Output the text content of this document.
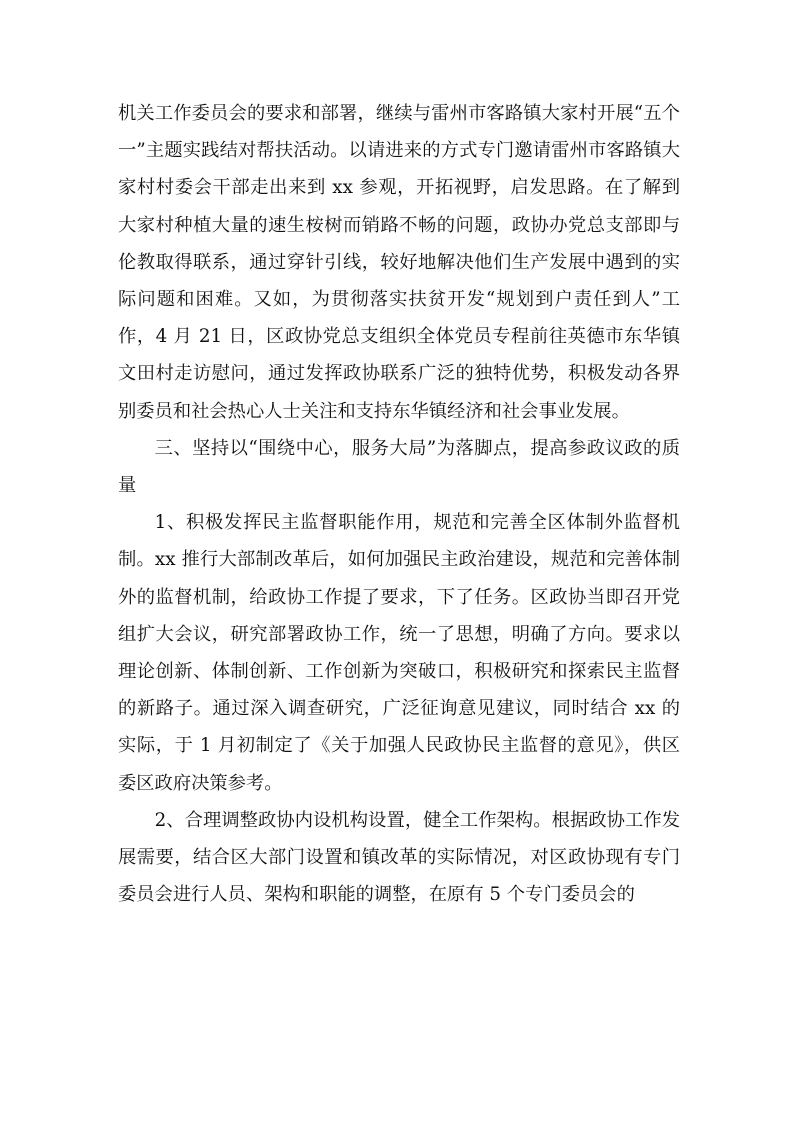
机关工作委员会的要求和部署，继续与雷州市客路镇大家村开展“五个一”主题实践结对帮扶活动。以请进来的方式专门邀请雷州市客路镇大家村村委会干部走出来到 xx 参观，开拓视野，启发思路。在了解到大家村种植大量的速生桉树而销路不畅的问题，政协办党总支部即与伦教取得联系，通过穿针引线，较好地解决他们生产发展中遇到的实际问题和困难。又如，为贯彻落实扶贫开发“规划到户责任到人”工作，4 月 21 日，区政协党总支组织全体党员专程前往英德市东华镇文田村走访慰问，通过发挥政协联系广泛的独特优势，积极发动各界别委员和社会热心人士关注和支持东华镇经济和社会事业发展。

三、坚持以“围绕中心，服务大局”为落脚点，提高参政议政的质量

1、积极发挥民主监督职能作用，规范和完善全区体制外监督机制。xx 推行大部制改革后，如何加强民主政治建设，规范和完善体制外的监督机制，给政协工作提了要求，下了任务。区政协当即召开党组扩大会议，研究部署政协工作，统一了思想，明确了方向。要求以理论创新、体制创新、工作创新为突破口，积极研究和探索民主监督的新路子。通过深入调查研究，广泛征询意见建议，同时结合 xx 的实际，于 1 月初制定了《关于加强人民政协民主监督的意见》，供区委区政府决策参考。

2、合理调整政协内设机构设置，健全工作架构。根据政协工作发展需要，结合区大部门设置和镇改革的实际情况，对区政协现有专门委员会进行人员、架构和职能的调整，在原有 5 个专门委员会的
